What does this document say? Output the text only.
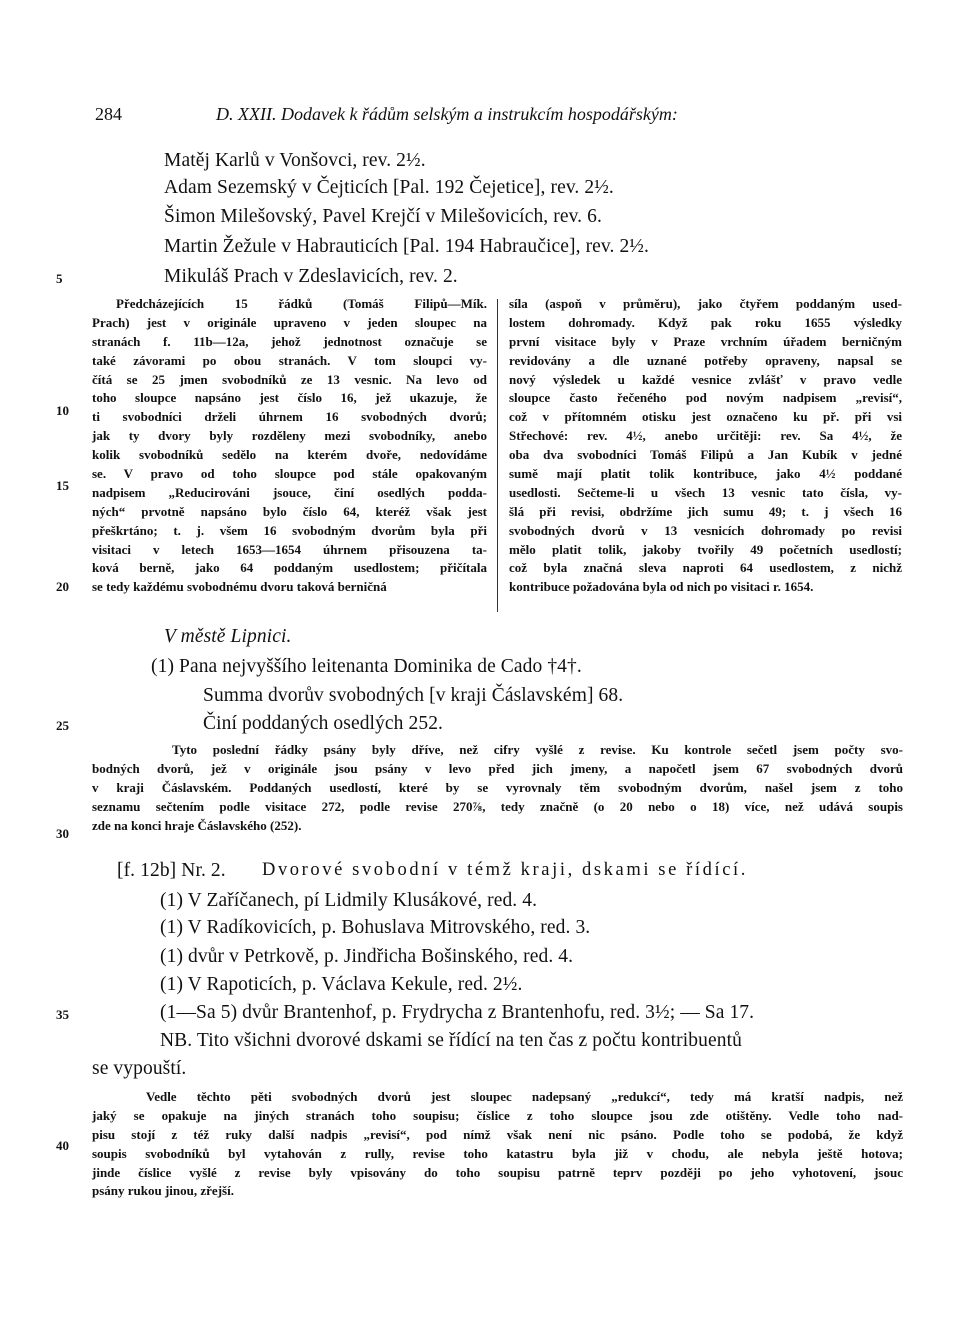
284	D. XXII. Dodavek k řádům selským a instrukcím hospodářským:
5
10
15
20
25
30
35
40
Matěj Karlů v Vonšovci, rev. 2½.
Adam Sezemský v Čejticích [Pal. 192 Čejetice], rev. 2½.
Šimon Milešovský, Pavel Krejčí v Milešovicích, rev. 6.
Martin Žežule v Habrauticích [Pal. 194 Habraučice], rev. 2½.
Mikuláš Prach v Zdeslavicích, rev. 2.
Předcházejících 15 řádků (Tomáš Filipů—Mík.
Prach) jest v originále upraveno v jeden sloupec na
stranách f. 11b—12a, jehož jednotnost označuje se
také závorami po obou stranách. V tom sloupci vy-
čítá se 25 jmen svobodníků ze 13 vesnic. Na levo od
toho sloupce napsáno jest číslo 16, jež ukazuje, že
ti svobodníci drželi úhrnem 16 svobodných dvorů;
jak ty dvory byly rozděleny mezi svobodníky, anebo
kolik svobodníků sedělo na kterém dvoře, nedovídáme
se. V pravo od toho sloupce pod stále opakovaným
nadpisem „Reducirováni jsouce, činí osedlých podda-
ných“ prvotně napsáno bylo číslo 64, kteréž však jest
přeškrtáno; t. j. všem 16 svobodným dvorům byla při
visitaci v letech 1653—1654 úhrnem přisouzena ta-
ková berně, jako 64 poddaným usedlostem; přičítala
se tedy každému svobodnému dvoru taková berničná
síla (aspoň v průměru), jako čtyřem poddaným used-
lostem dohromady. Když pak roku 1655 výsledky
první visitace byly v Praze vrchním úřadem berničným
revidovány a dle uznané potřeby opraveny, napsal se
nový výsledek u každé vesnice zvlášť v pravo vedle
sloupce často řečeného pod novým nadpisem „revisí“,
což v přítomném otisku jest označeno ku př. při vsi
Střechové: rev. 4½, anebo určitěji: rev. Sa 4½, že
oba dva svobodníci Tomáš Filipů a Jan Kubík v jedné
sumě mají platit tolik kontribuce, jako 4½ poddané
usedlosti. Sečteme-li u všech 13 vesnic tato čísla, vy-
šlá při revisi, obdržíme jich sumu 49; t. j všech 16
svobodných dvorů v 13 vesnicích dohromady po revisi
mělo platit tolik, jakoby tvořily 49 početních usedlostí;
což byla značná sleva naproti 64 usedlostem, z nichž
kontribuce požadována byla od nich po visitaci r. 1654.
V městě Lipnici.
(1) Pana nejvyššího leitenanta Dominika de Cado †4†.
Summa dvorův svobodných [v kraji Čáslavském] 68.
Činí poddaných osedlých 252.
Tyto poslední řádky psány byly dříve, než cifry vyšlé z revise. Ku kontrole sečetl jsem počty svo-
bodných dvorů, jež v originále jsou psány v levo před jich jmeny, a napočetl jsem 67 svobodných dvorů
v kraji Čáslavském. Poddaných usedlostí, které by se vyrovnaly těm svobodným dvorům, našel jsem z toho
seznamu sečtením podle visitace 272, podle revise 270⅞, tedy značně (o 20 nebo o 18) více, než udává soupis
zde na konci hraje Čáslavského (252).
[f. 12b] Nr. 2. Dvorové svobodní v témž kraji, dskami se řídící.
(1) V Zaříčanech, pí Lidmily Klusákové, red. 4.
(1) V Radíkovicích, p. Bohuslava Mitrovského, red. 3.
(1) dvůr v Petrkově, p. Jindřicha Bošinského, red. 4.
(1) V Rapoticích, p. Václava Kekule, red. 2½.
(1—Sa 5) dvůr Brantenhof, p. Frydrycha z Brantenhofu, red. 3½; — Sa 17.
NB. Tito všichni dvorové dskami se řídící na ten čas z počtu kontribuentů
se vypouští.
Vedle těchto pěti svobodných dvorů jest sloupec nadepsaný „redukcí“, tedy má kratší nadpis, než
jaký se opakuje na jiných stranách toho soupisu; číslice z toho sloupce jsou zde otištěny. Vedle toho nad-
pisu stojí z též ruky další nadpis „revisí“, pod nímž však není nic psáno. Podle toho se podobá, že když
soupis svobodníků byl vytahován z rully, revise toho katastru byla již v chodu, ale nebyla ještě hotova;
jinde číslice vyšlé z revise byly vpisovány do toho soupisu patrně teprv později po jeho vyhotovení, jsouc
psány rukou jinou, zřejší.
